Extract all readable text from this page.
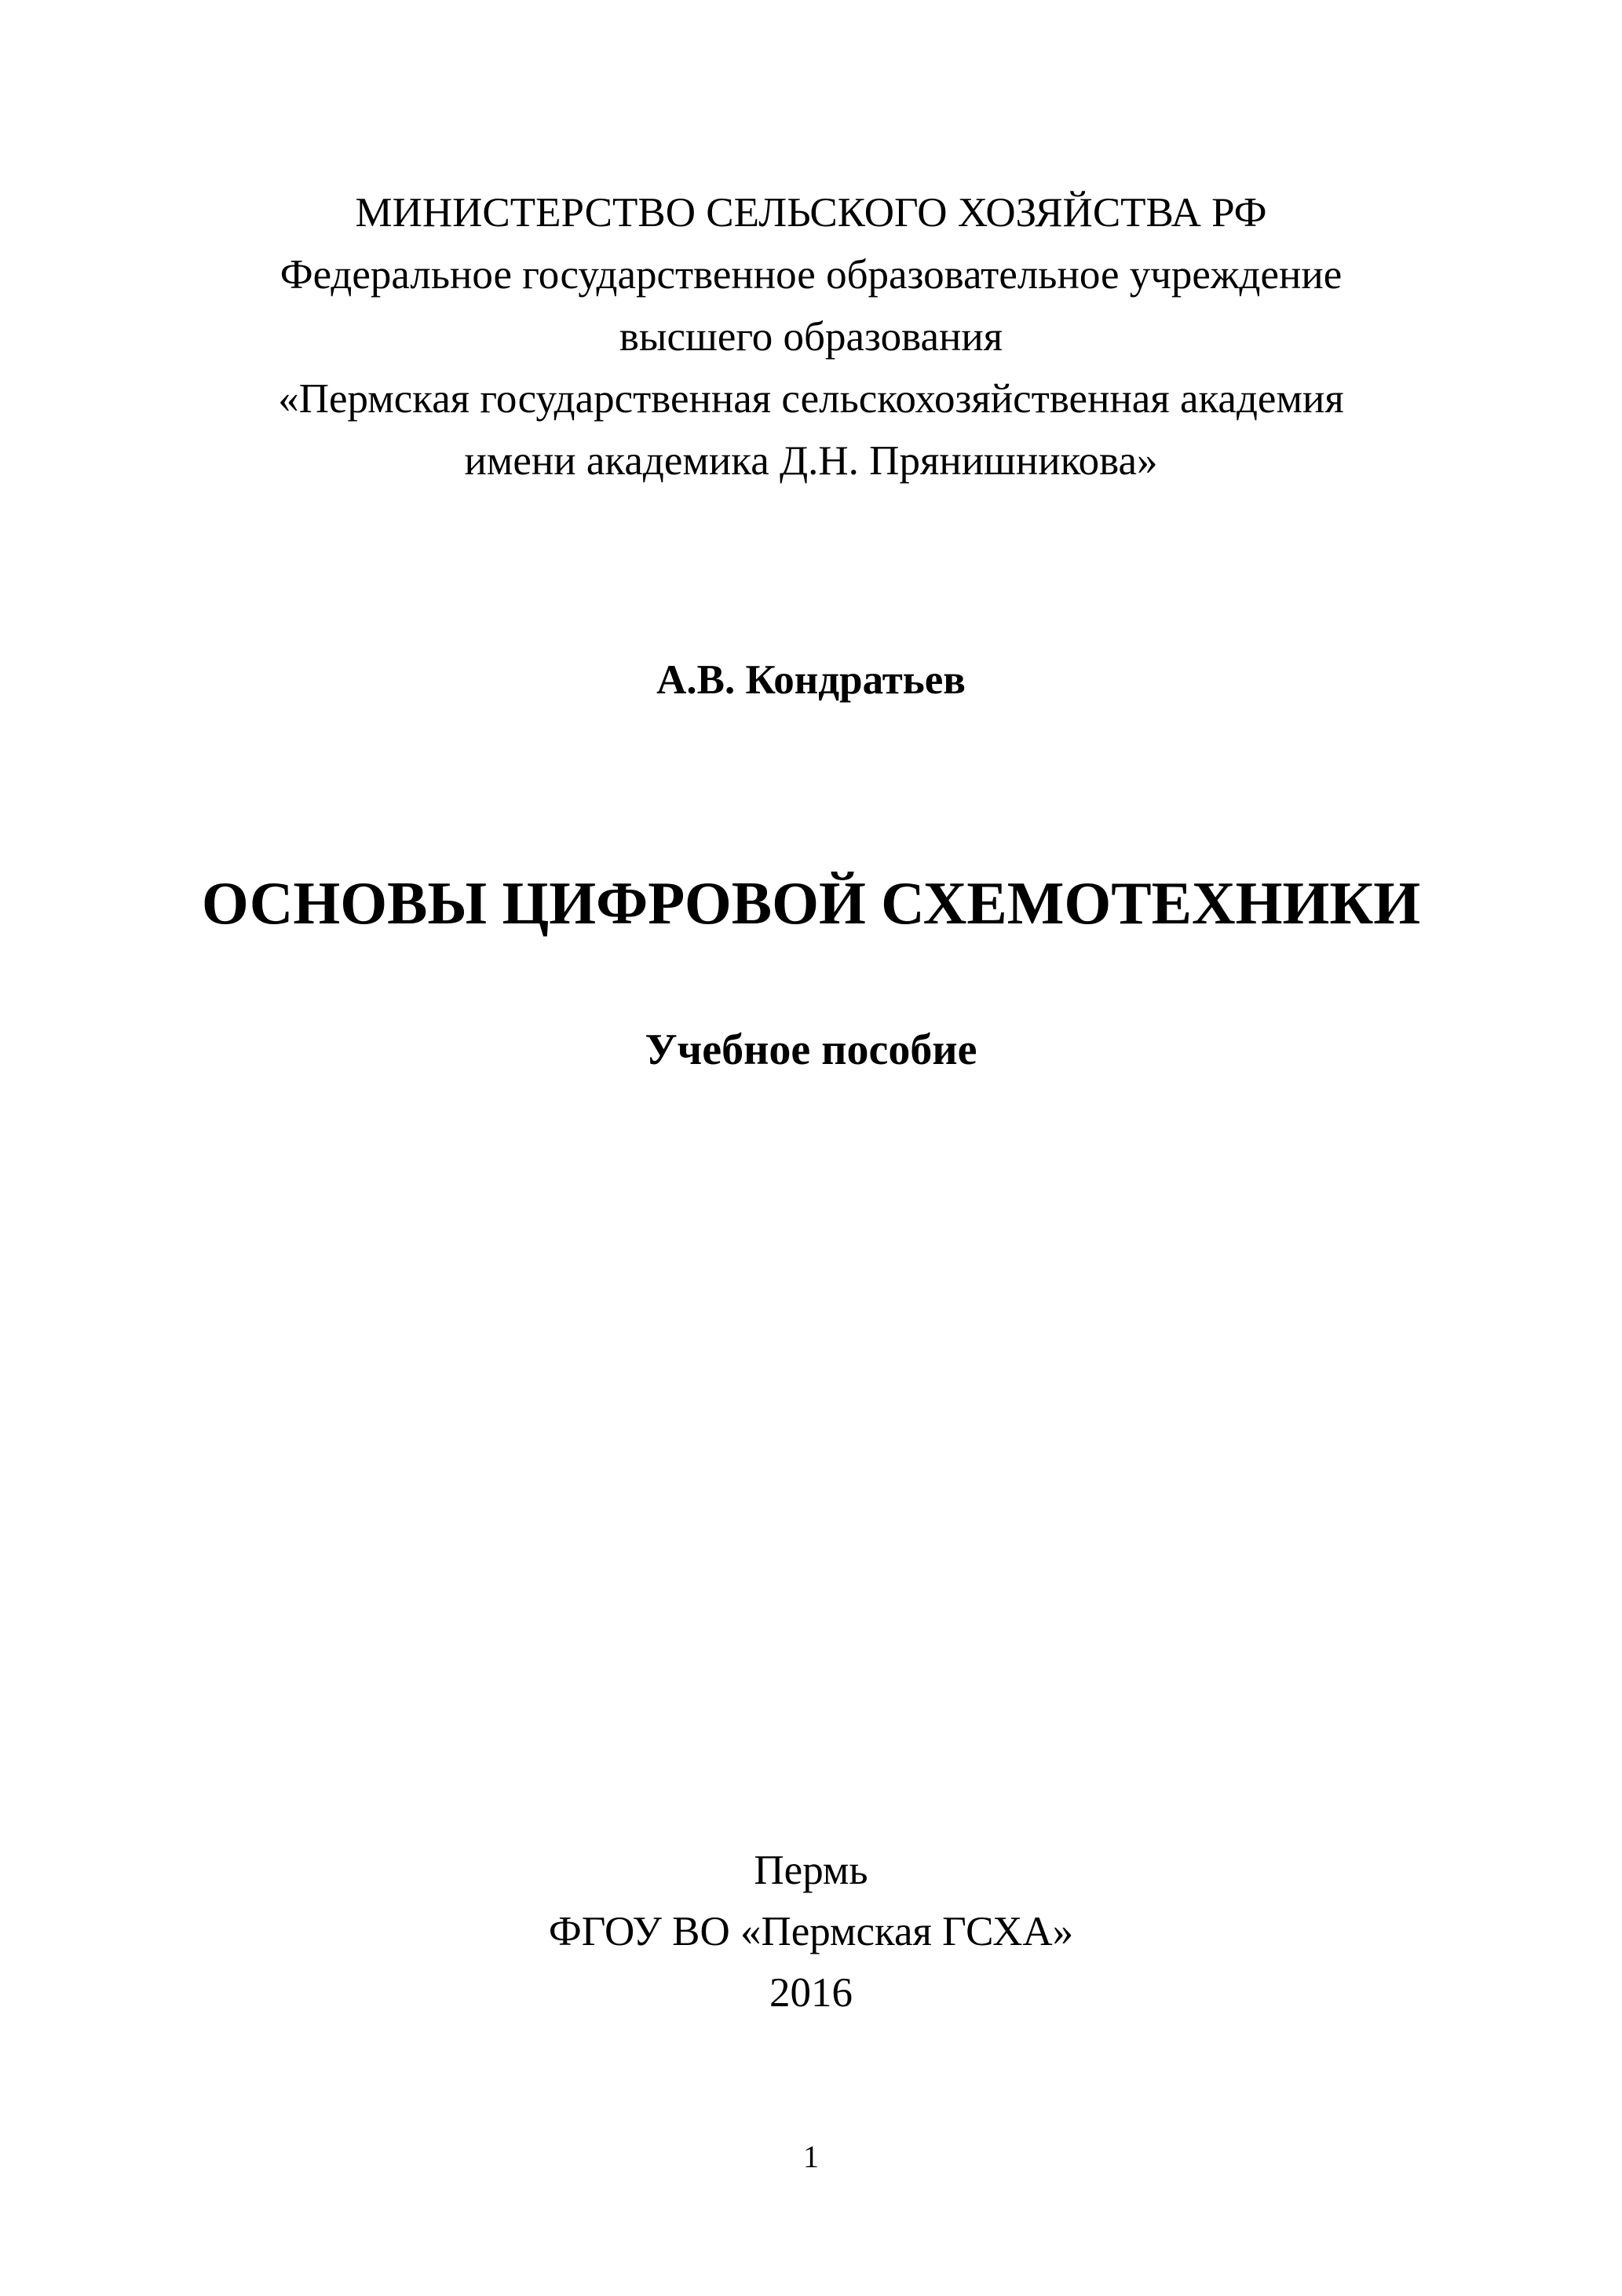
МИНИСТЕРСТВО СЕЛЬСКОГО ХОЗЯЙСТВА РФ
Федеральное государственное образовательное учреждение
высшего образования
«Пермская государственная сельскохозяйственная академия
имени академика Д.Н. Прянишникова»
А.В. Кондратьев
ОСНОВЫ ЦИФРОВОЙ СХЕМОТЕХНИКИ
Учебное пособие
Пермь
ФГОУ ВО «Пермская ГСХА»
2016
1
